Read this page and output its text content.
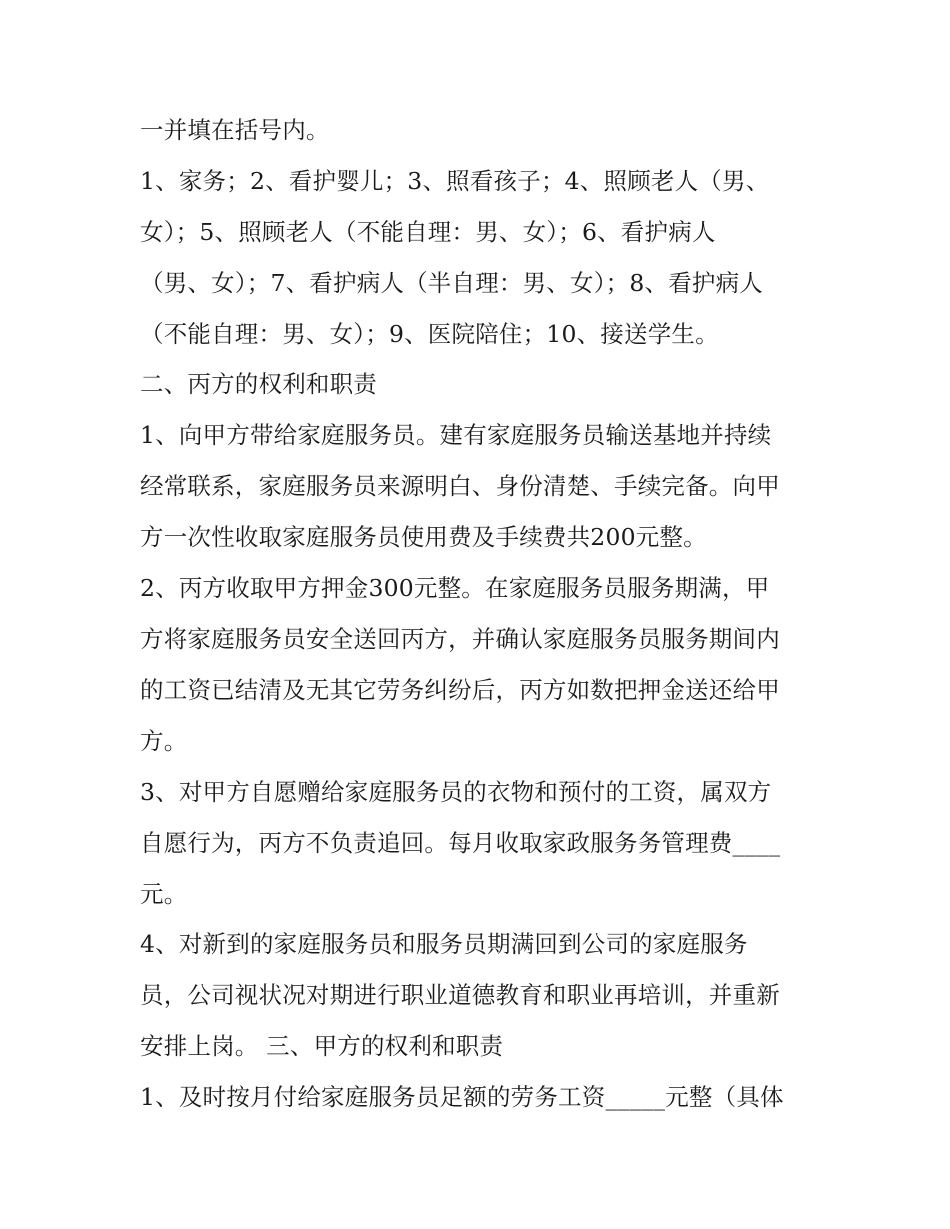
一并填在括号内。
1、家务；2、看护婴儿；3、照看孩子；4、照顾老人（男、
女）；5、照顾老人（不能自理：男、女）；6、看护病人
（男、女）；7、看护病人（半自理：男、女）；8、看护病人
（不能自理：男、女）；9、医院陪住；10、接送学生。
二、丙方的权利和职责
1、向甲方带给家庭服务员。建有家庭服务员输送基地并持续
经常联系，家庭服务员来源明白、身份清楚、手续完备。向甲
方一次性收取家庭服务员使用费及手续费共200元整。
2、丙方收取甲方押金300元整。在家庭服务员服务期满，甲
方将家庭服务员安全送回丙方，并确认家庭服务员服务期间内
的工资已结清及无其它劳务纠纷后，丙方如数把押金送还给甲
方。
3、对甲方自愿赠给家庭服务员的衣物和预付的工资，属双方
自愿行为，丙方不负责追回。每月收取家政服务务管理费____
元。
4、对新到的家庭服务员和服务员期满回到公司的家庭服务
员，公司视状况对期进行职业道德教育和职业再培训，并重新
安排上岗。 三、甲方的权利和职责
1、及时按月付给家庭服务员足额的劳务工资_____元整（具体
